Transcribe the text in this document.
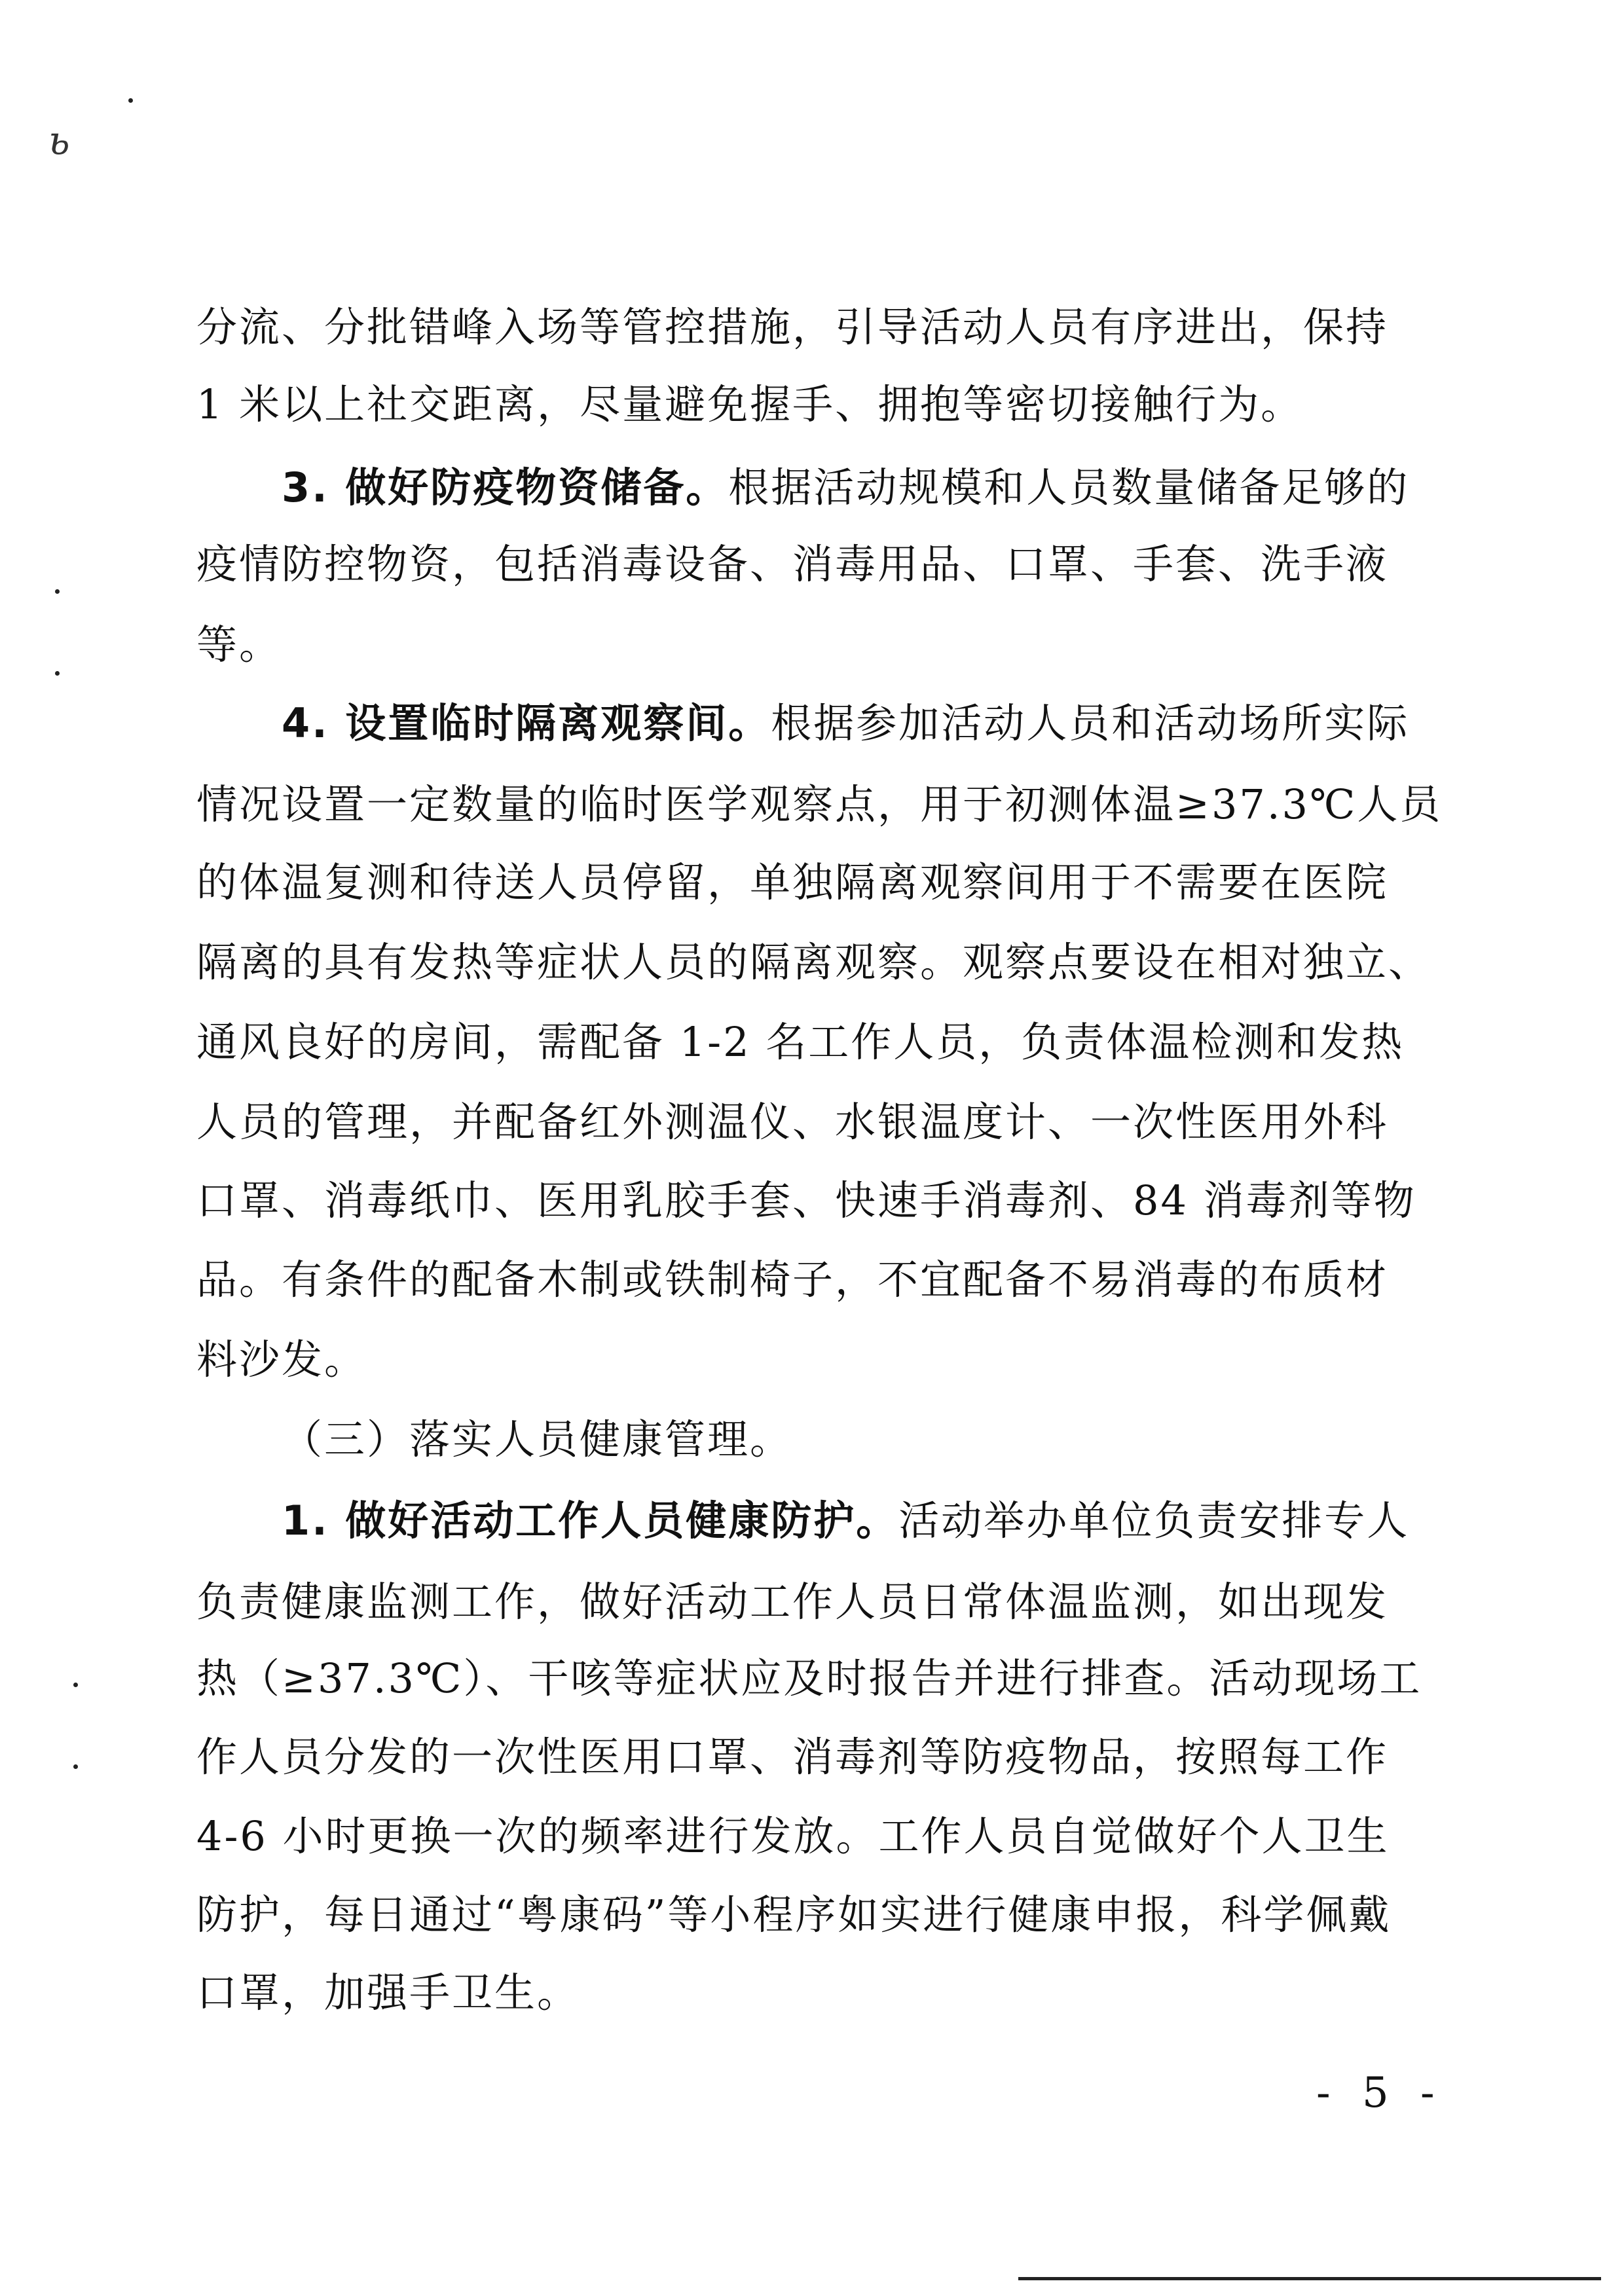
分流、分批错峰入场等管控措施，引导活动人员有序进出，保持
1 米以上社交距离，尽量避免握手、拥抱等密切接触行为。
3. 做好防疫物资储备。根据活动规模和人员数量储备足够的
疫情防控物资，包括消毒设备、消毒用品、口罩、手套、洗手液
等。
4. 设置临时隔离观察间。根据参加活动人员和活动场所实际
情况设置一定数量的临时医学观察点，用于初测体温≥37.3℃人员
的体温复测和待送人员停留，单独隔离观察间用于不需要在医院
隔离的具有发热等症状人员的隔离观察。观察点要设在相对独立、
通风良好的房间，需配备 1-2 名工作人员，负责体温检测和发热
人员的管理，并配备红外测温仪、水银温度计、一次性医用外科
口罩、消毒纸巾、医用乳胶手套、快速手消毒剂、84 消毒剂等物
品。有条件的配备木制或铁制椅子，不宜配备不易消毒的布质材
料沙发。
（三）落实人员健康管理。
1. 做好活动工作人员健康防护。活动举办单位负责安排专人
负责健康监测工作，做好活动工作人员日常体温监测，如出现发
热（≥37.3℃）、干咳等症状应及时报告并进行排查。活动现场工
作人员分发的一次性医用口罩、消毒剂等防疫物品，按照每工作
4-6 小时更换一次的频率进行发放。工作人员自觉做好个人卫生
防护，每日通过“粤康码”等小程序如实进行健康申报，科学佩戴
口罩，加强手卫生。
ь
- 5 -
